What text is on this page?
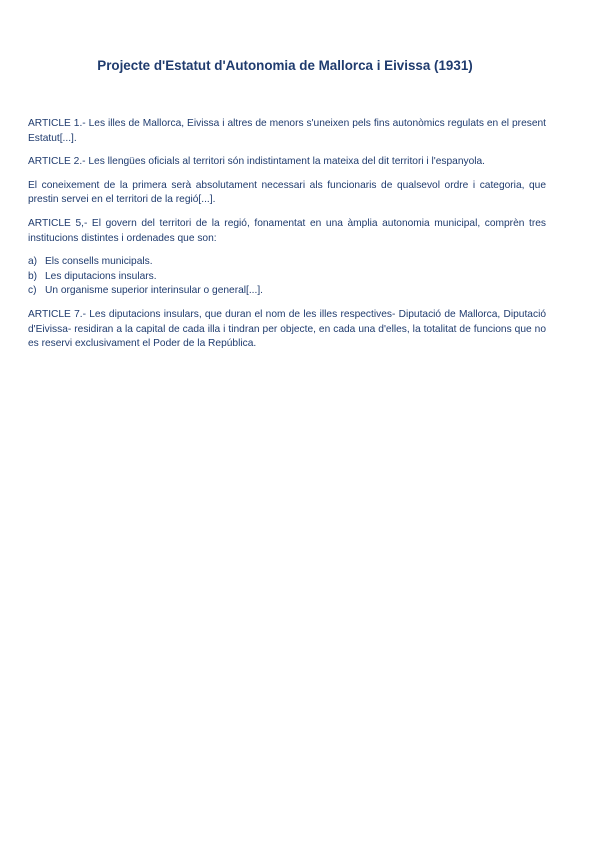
Projecte d'Estatut d'Autonomia de Mallorca i Eivissa (1931)

ARTICLE 1.- Les illes de Mallorca, Eivissa i altres de menors s'uneixen pels fins autonòmics regulats en el present Estatut[...].

ARTICLE 2.- Les llengües oficials al territori són indistintament la mateixa del dit territori i l'espanyola.

El coneixement de la primera serà absolutament necessari als funcionaris de qualsevol ordre i categoria, que prestin servei en el territori de la regió[...].

ARTICLE 5,- El govern del territori de la regió, fonamentat en una àmplia autonomia municipal, comprèn tres institucions distintes i ordenades que son:

a) Els consells municipals.
b) Les diputacions insulars.
c) Un organisme superior interinsular o general[...].

ARTICLE 7.- Les diputacions insulars, que duran el nom de les illes respectives- Diputació de Mallorca, Diputació d'Eivissa- residiran a la capital de cada illa i tindran per objecte, en cada una d'elles, la totalitat de funcions que no es reservi exclusivament el Poder de la República.
